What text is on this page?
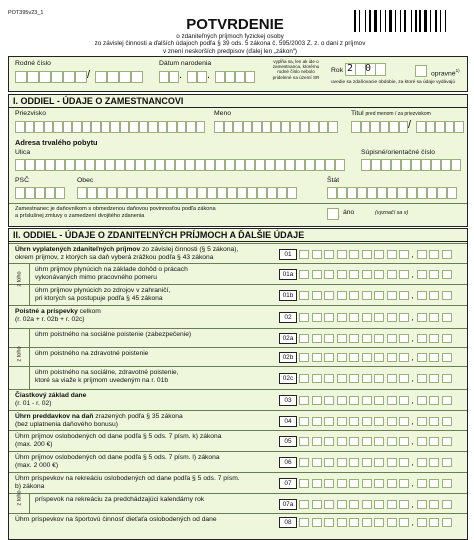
POT395v23_1
POTVRDENIE
o zdaniteľných príjmoch fyzickej osoby
zo závislej činnosti a ďalších údajoch podľa § 39 ods. 5 zákona č. 595/2003 Z. z. o dani z príjmov
v znení neskorších predpisov (ďalej len „zákon“)
Rodné číslo
/
Dátum narodenia
. .
vypĺňa sa, len ak ide o zamestnanca, ktorému rodné číslo nebolo pridelené na území SR
Rok 2 0	opravné$^{1)}$
uvedie sa zdaňovacie obdobie, za ktoré sa údaje vydávajú
I. ODDIEL - ÚDAJE O ZAMESTNANCOVI
Priezvisko	Meno	Titul pred menom / za priezviskom
/
Adresa trvalého pobytu
Ulica	Súpisné/orientačné číslo
PSČ	Obec	Štát
Zamestnanec je daňovníkom s obmedzenou daňovou povinnosťou podľa zákona
a príslušnej zmluvy o zamedzení dvojitého zdanenia	áno	(vyznačí sa x)
II. ODDIEL - ÚDAJE O ZDANITEĽNÝCH PRÍJMOCH A ĎALŠIE ÚDAJE
Úhrn vyplatených zdaniteľných príjmov zo závislej činnosti (§ 5 zákona),
okrem príjmov, z ktorých sa daň vyberá zrážkou podľa § 43 zákona	01	,
úhrn príjmov plynúcich na základe dohôd o prácach
vykonávaných mimo pracovného pomeru	01a	,
úhrn príjmov plynúcich zo zdrojov v zahraničí,
pri ktorých sa postupuje podľa § 45 zákona	01b	,
Poistné a príspevky celkom
(r. 02a + r. 02b + r. 02c)	02	,
úhrn poistného na sociálne poistenie (zabezpečenie)
02a	,
úhrn poistného na zdravotné poistenie
02b	,
úhrn poistného na sociálne, zdravotné poistenie,
ktoré sa viaže k príjmom uvedeným na r. 01b	02c	,
Čiastkový základ dane
(r. 01 - r. 02)	03	,
Úhrn preddavkov na daň zrazených podľa § 35 zákona
(bez uplatnenia daňového bonusu)	04	,
Úhrn príjmov oslobodených od dane podľa § 5 ods. 7 písm. k) zákona
(max. 200 €)	05	,
Úhrn príjmov oslobodených od dane podľa § 5 ods. 7 písm. l) zákona
(max. 2 000 €)	06	,
Úhrn príspevkov na rekreáciu oslobodených od dane podľa § 5 ods. 7 písm.
b) zákona	07	,
príspevok na rekreáciu za predchádzajúci kalendárny rok
07a	,
Úhrn príspevkov na športovú činnosť dieťaťa oslobodených od dane	08	,
z toho
z toho
z toho
